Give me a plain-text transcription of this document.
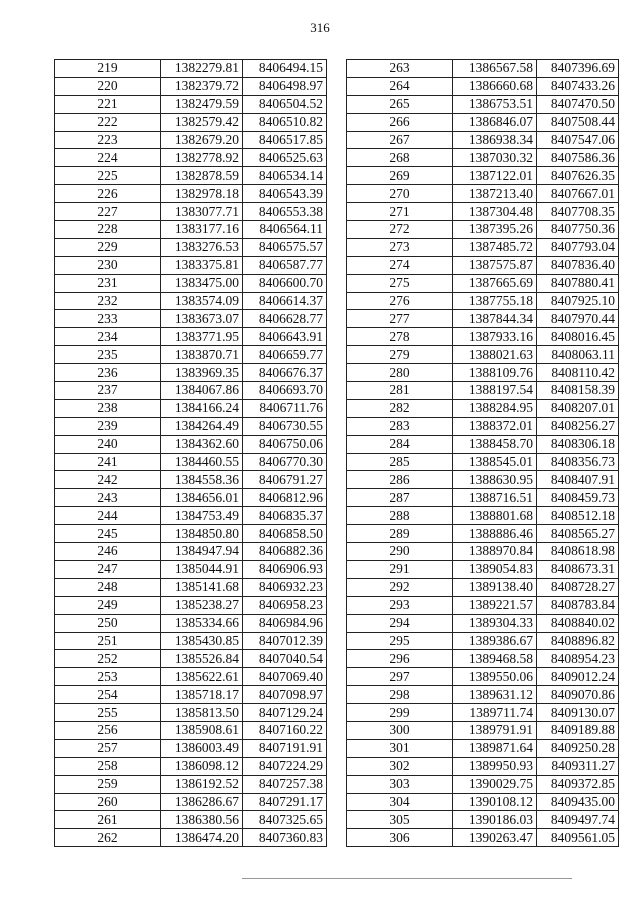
316
219	1382279.81	8406494.15
220	1382379.72	8406498.97
221	1382479.59	8406504.52
222	1382579.42	8406510.82
223	1382679.20	8406517.85
224	1382778.92	8406525.63
225	1382878.59	8406534.14
226	1382978.18	8406543.39
227	1383077.71	8406553.38
228	1383177.16	8406564.11
229	1383276.53	8406575.57
230	1383375.81	8406587.77
231	1383475.00	8406600.70
232	1383574.09	8406614.37
233	1383673.07	8406628.77
234	1383771.95	8406643.91
235	1383870.71	8406659.77
236	1383969.35	8406676.37
237	1384067.86	8406693.70
238	1384166.24	8406711.76
239	1384264.49	8406730.55
240	1384362.60	8406750.06
241	1384460.55	8406770.30
242	1384558.36	8406791.27
243	1384656.01	8406812.96
244	1384753.49	8406835.37
245	1384850.80	8406858.50
246	1384947.94	8406882.36
247	1385044.91	8406906.93
248	1385141.68	8406932.23
249	1385238.27	8406958.23
250	1385334.66	8406984.96
251	1385430.85	8407012.39
252	1385526.84	8407040.54
253	1385622.61	8407069.40
254	1385718.17	8407098.97
255	1385813.50	8407129.24
256	1385908.61	8407160.22
257	1386003.49	8407191.91
258	1386098.12	8407224.29
259	1386192.52	8407257.38
260	1386286.67	8407291.17
261	1386380.56	8407325.65
262	1386474.20	8407360.83
263	1386567.58	8407396.69
264	1386660.68	8407433.26
265	1386753.51	8407470.50
266	1386846.07	8407508.44
267	1386938.34	8407547.06
268	1387030.32	8407586.36
269	1387122.01	8407626.35
270	1387213.40	8407667.01
271	1387304.48	8407708.35
272	1387395.26	8407750.36
273	1387485.72	8407793.04
274	1387575.87	8407836.40
275	1387665.69	8407880.41
276	1387755.18	8407925.10
277	1387844.34	8407970.44
278	1387933.16	8408016.45
279	1388021.63	8408063.11
280	1388109.76	8408110.42
281	1388197.54	8408158.39
282	1388284.95	8408207.01
283	1388372.01	8408256.27
284	1388458.70	8408306.18
285	1388545.01	8408356.73
286	1388630.95	8408407.91
287	1388716.51	8408459.73
288	1388801.68	8408512.18
289	1388886.46	8408565.27
290	1388970.84	8408618.98
291	1389054.83	8408673.31
292	1389138.40	8408728.27
293	1389221.57	8408783.84
294	1389304.33	8408840.02
295	1389386.67	8408896.82
296	1389468.58	8408954.23
297	1389550.06	8409012.24
298	1389631.12	8409070.86
299	1389711.74	8409130.07
300	1389791.91	8409189.88
301	1389871.64	8409250.28
302	1389950.93	8409311.27
303	1390029.75	8409372.85
304	1390108.12	8409435.00
305	1390186.03	8409497.74
306	1390263.47	8409561.05
